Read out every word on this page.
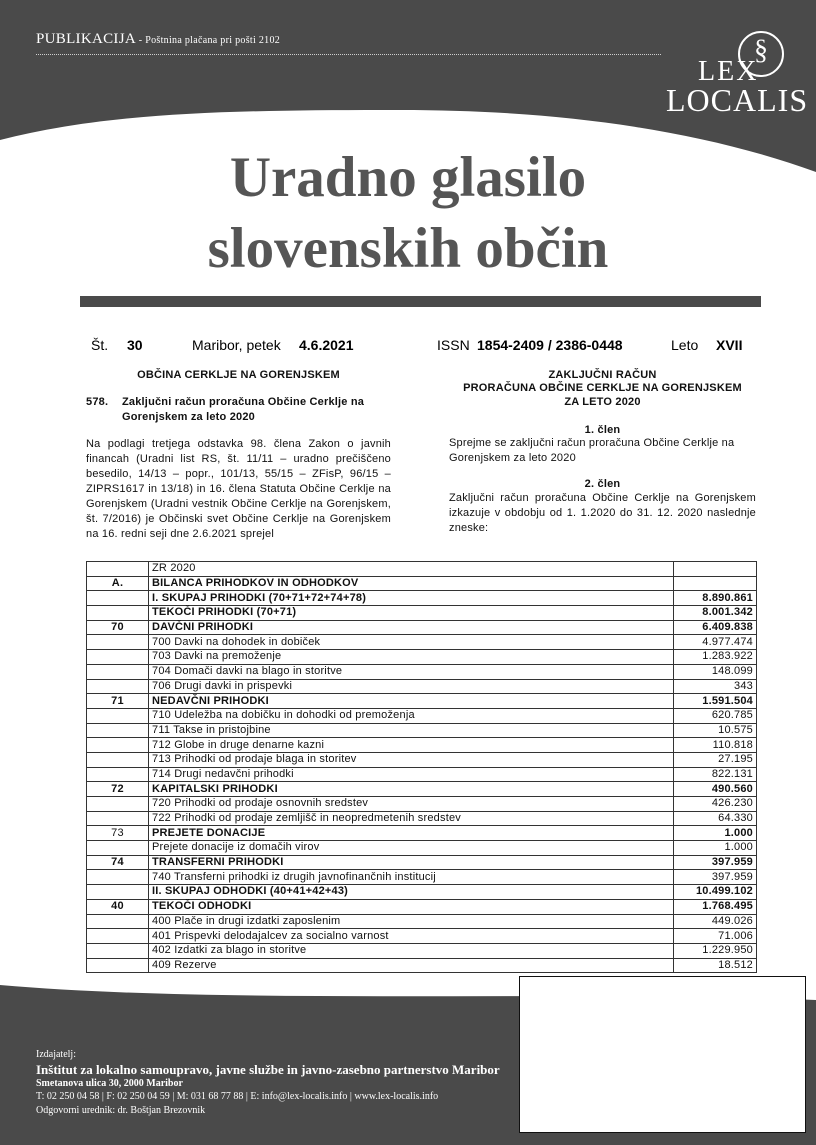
PUBLIKACIJA - Poštnina plačana pri pošti 2102	§
LEX
LOCALIS
Uradno glasilo
slovenskih občin
Št. 30	Maribor, petek 4.6.2021	ISSN 1854-2409 / 2386-0448	Leto XVII
OBČINA CERKLJE NA GORENJSKEM
578. Zaključni račun proračuna Občine Cerklje na Gorenjskem za leto 2020
Na podlagi tretjega odstavka 98. člena Zakon o javnih financah (Uradni list RS, št. 11/11 – uradno prečiščeno besedilo, 14/13 – popr., 101/13, 55/15 – ZFisP, 96/15 – ZIPRS1617 in 13/18) in 16. člena Statuta Občine Cerklje na Gorenjskem (Uradni vestnik Občine Cerklje na Gorenjskem, št. 7/2016) je Občinski svet Občine Cerklje na Gorenjskem na 16. redni seji dne 2.6.2021 sprejel
ZAKLJUČNI RAČUN
PRORAČUNA OBČINE CERKLJE NA GORENJSKEM
ZA LETO 2020
1. člen
Sprejme se zaključni račun proračuna Občine Cerklje na Gorenjskem za leto 2020
2. člen
Zaključni račun proračuna Občine Cerklje na Gorenjskem izkazuje v obdobju od 1. 1.2020 do 31. 12. 2020 naslednje zneske:
	ZR 2020	
A.	BILANCA PRIHODKOV IN ODHODKOV	
	I. SKUPAJ PRIHODKI (70+71+72+74+78)	8.890.861
	TEKOČI PRIHODKI (70+71)	8.001.342
70	DAVČNI PRIHODKI	6.409.838
	700 Davki na dohodek in dobiček	4.977.474
	703 Davki na premoženje	1.283.922
	704 Domači davki na blago in storitve	148.099
	706 Drugi davki in prispevki	343
71	NEDAVČNI PRIHODKI	1.591.504
	710 Udeležba na dobičku in dohodki od premoženja	620.785
	711 Takse in pristojbine	10.575
	712 Globe in druge denarne kazni	110.818
	713 Prihodki od prodaje blaga in storitev	27.195
	714 Drugi nedavčni prihodki	822.131
72	KAPITALSKI PRIHODKI	490.560
	720 Prihodki od prodaje osnovnih sredstev	426.230
	722 Prihodki od prodaje zemljišč in neopredmetenih sredstev	64.330
73	PREJETE DONACIJE	1.000
	Prejete donacije iz domačih virov	1.000
74	TRANSFERNI PRIHODKI	397.959
	740 Transferni prihodki iz drugih javnofinančnih institucij	397.959
	II. SKUPAJ ODHODKI (40+41+42+43)	10.499.102
40	TEKOČI ODHODKI	1.768.495
	400 Plače in drugi izdatki zaposlenim	449.026
	401 Prispevki delodajalcev za socialno varnost	71.006
	402 Izdatki za blago in storitve	1.229.950
	409 Rezerve	18.512
Izdajatelj:
Inštitut za lokalno samoupravo, javne službe in javno-zasebno partnerstvo Maribor
Smetanova ulica 30, 2000 Maribor
T: 02 250 04 58 | F: 02 250 04 59 | M: 031 68 77 88 | E: info@lex-localis.info | www.lex-localis.info
Odgovorni urednik: dr. Boštjan Brezovnik
